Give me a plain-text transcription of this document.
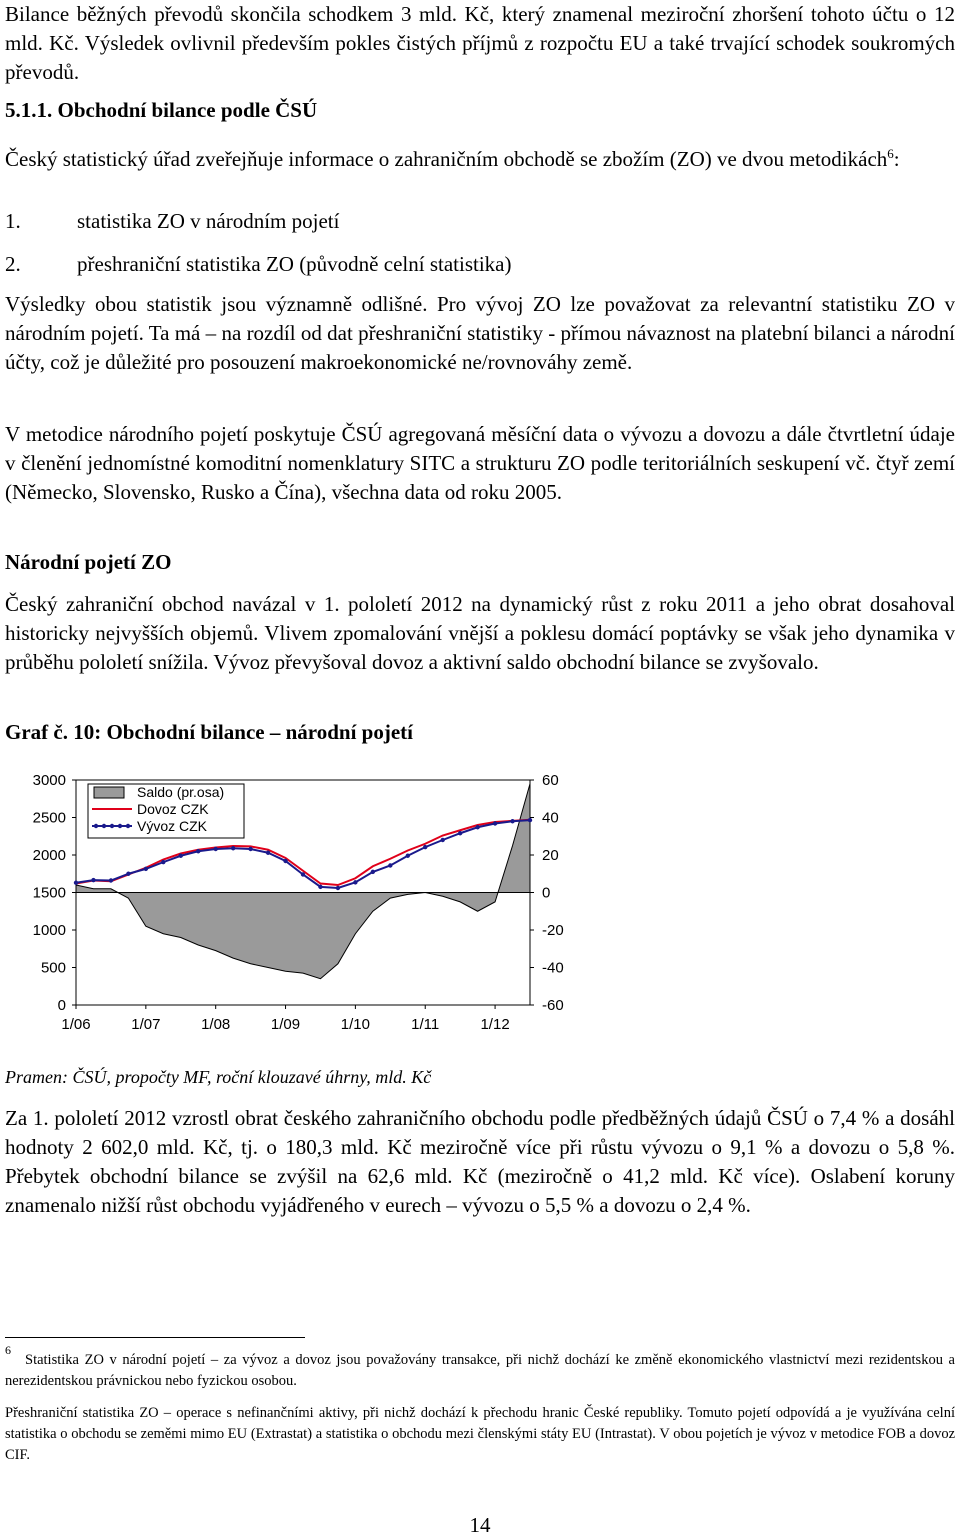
Bilance běžných převodů skončila schodkem 3 mld. Kč, který znamenal meziroční zhoršení tohoto účtu o 12 mld. Kč. Výsledek ovlivnil především pokles čistých příjmů z rozpočtu EU a také trvající schodek soukromých převodů.

5.1.1. Obchodní bilance podle ČSÚ

Český statistický úřad zveřejňuje informace o zahraničním obchodě se zbožím (ZO) ve dvou metodikách$^6$:

1.	statistika ZO v národním pojetí
2.	přeshraniční statistika ZO (původně celní statistika)

Výsledky obou statistik jsou významně odlišné. Pro vývoj ZO lze považovat za relevantní statistiku ZO v národním pojetí. Ta má – na rozdíl od dat přeshraniční statistiky - přímou návaznost na platební bilanci a národní účty, což je důležité pro posouzení makroekonomické ne/rovnováhy země.

V metodice národního pojetí poskytuje ČSÚ agregovaná měsíční data o vývozu a dovozu a dále čtvrtletní údaje v členění jednomístné komoditní nomenklatury SITC a strukturu ZO podle teritoriálních seskupení vč. čtyř zemí (Německo, Slovensko, Rusko a Čína), všechna data od roku 2005.

Národní pojetí ZO

Český zahraniční obchod navázal v 1. pololetí 2012 na dynamický růst z roku 2011 a jeho obrat dosahoval historicky nejvyšších objemů. Vlivem zpomalování vnější a poklesu domácí poptávky se však jeho dynamika v průběhu pololetí snížila. Vývoz převyšoval dovoz a aktivní saldo obchodní bilance se zvyšovalo.

Graf č. 10: Obchodní bilance – národní pojetí
3000
2500
2000
1500
1000
500
0
60
40
20
0
-20
-40
-60
1/06	1/07	1/08	1/09	1/10	1/11	1/12
Saldo (pr.osa)
Dovoz CZK
Vývoz CZK
Pramen: ČSÚ, propočty MF, roční klouzavé úhrny, mld. Kč

Za 1. pololetí 2012 vzrostl obrat českého zahraničního obchodu podle předběžných údajů ČSÚ o 7,4 % a dosáhl hodnoty 2 602,0 mld. Kč, tj. o 180,3 mld. Kč meziročně více při růstu vývozu o 9,1 % a dovozu o 5,8 %. Přebytek obchodní bilance se zvýšil na 62,6 mld. Kč (meziročně o 41,2 mld. Kč více). Oslabení koruny znamenalo nižší růst obchodu vyjádřeného v eurech – vývozu o 5,5 % a dovozu o 2,4 %.

$^6$Statistika ZO v národní pojetí – za vývoz a dovoz jsou považovány transakce, při nichž dochází ke změně ekonomického vlastnictví mezi rezidentskou a nerezidentskou právnickou nebo fyzickou osobou.
Přeshraniční statistika ZO – operace s nefinančními aktivy, při nichž dochází k přechodu hranic České republiky. Tomuto pojetí odpovídá a je využívána celní statistika o obchodu se zeměmi mimo EU (Extrastat) a statistika o obchodu mezi členskými státy EU (Intrastat). V obou pojetích je vývoz v metodice FOB a dovoz CIF.
14
